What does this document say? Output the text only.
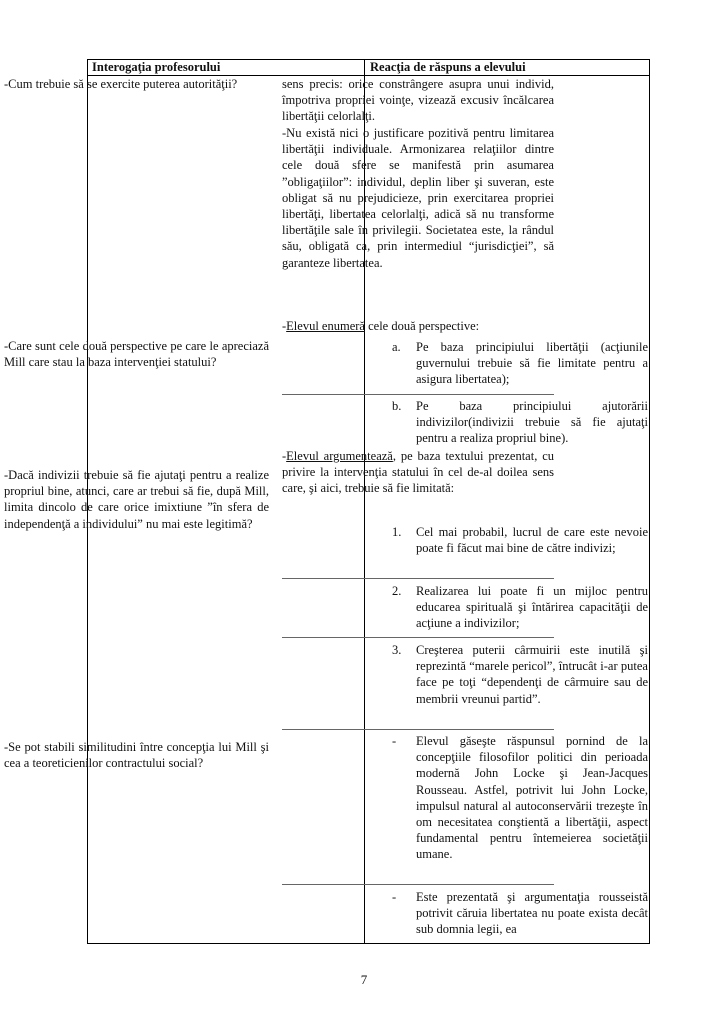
Interogaţia profesorului	Reacţia de răspuns a elevului
-Cum trebuie să se exercite puterea autorităţii?
-Care sunt cele două perspective pe care le apreciază Mill care stau la baza intervenţiei statului?
-Dacă indivizii trebuie să fie ajutaţi pentru a realize propriul bine, atunci, care ar trebui să fie, după Mill, limita dincolo de care orice imixtiune ”în sfera de independenţă a individului” nu mai este legitimă?
-Se pot stabili similitudini între concepţia lui Mill şi cea a teoreticienilor contractului social?
sens precis: orice constrângere asupra unui individ, împotriva propriei voinţe, vizează excusiv încălcarea libertăţii celorlalţi.
-Nu există nici o justificare pozitivă pentru limitarea libertăţii individuale. Armonizarea relaţiilor dintre cele două sfere se manifestă prin asumarea ”obligaţiilor”: individul, deplin liber şi suveran, este obligat să nu prejudicieze, prin exercitarea propriei libertăţi, libertatea celorlalţi, adică să nu transforme libertăţile sale în privilegii. Societatea este, la rândul său, obligată ca, prin intermediul “jurisdicţiei”, să garanteze libertatea.
-Elevul enumeră cele două perspective:
a. Pe baza principiului libertăţii (acţiunile guvernului trebuie să fie limitate pentru a asigura libertatea);
b. Pe baza principiului ajutorării indivizilor(indivizii trebuie să fie ajutaţi pentru a realiza propriul bine).
-Elevul argumentează, pe baza textului prezentat, cu privire la intervenţia statului în cel de-al doilea sens care, şi aici, trebuie să fie limitată:
1. Cel mai probabil, lucrul de care este nevoie poate fi făcut mai bine de către indivizi;
2. Realizarea lui poate fi un mijloc pentru educarea spirituală şi întărirea capacităţii de acţiune a indivizilor;
3. Creşterea puterii cârmuirii este inutilă şi reprezintă “marele pericol”, întrucât i-ar putea face pe toţi “dependenţi de cârmuire sau de membrii vreunui partid”.
- Elevul găseşte răspunsul pornind de la concepţiile filosofilor politici din perioada modernă John Locke şi Jean-Jacques Rousseau. Astfel, potrivit lui John Locke, impulsul natural al autoconservării trezeşte în om necesitatea conştientă a libertăţii, aspect fundamental pentru întemeierea societăţii umane.
- Este prezentată şi argumentaţia rousseistă potrivit căruia libertatea nu poate exista decât sub domnia legii, ea
7
